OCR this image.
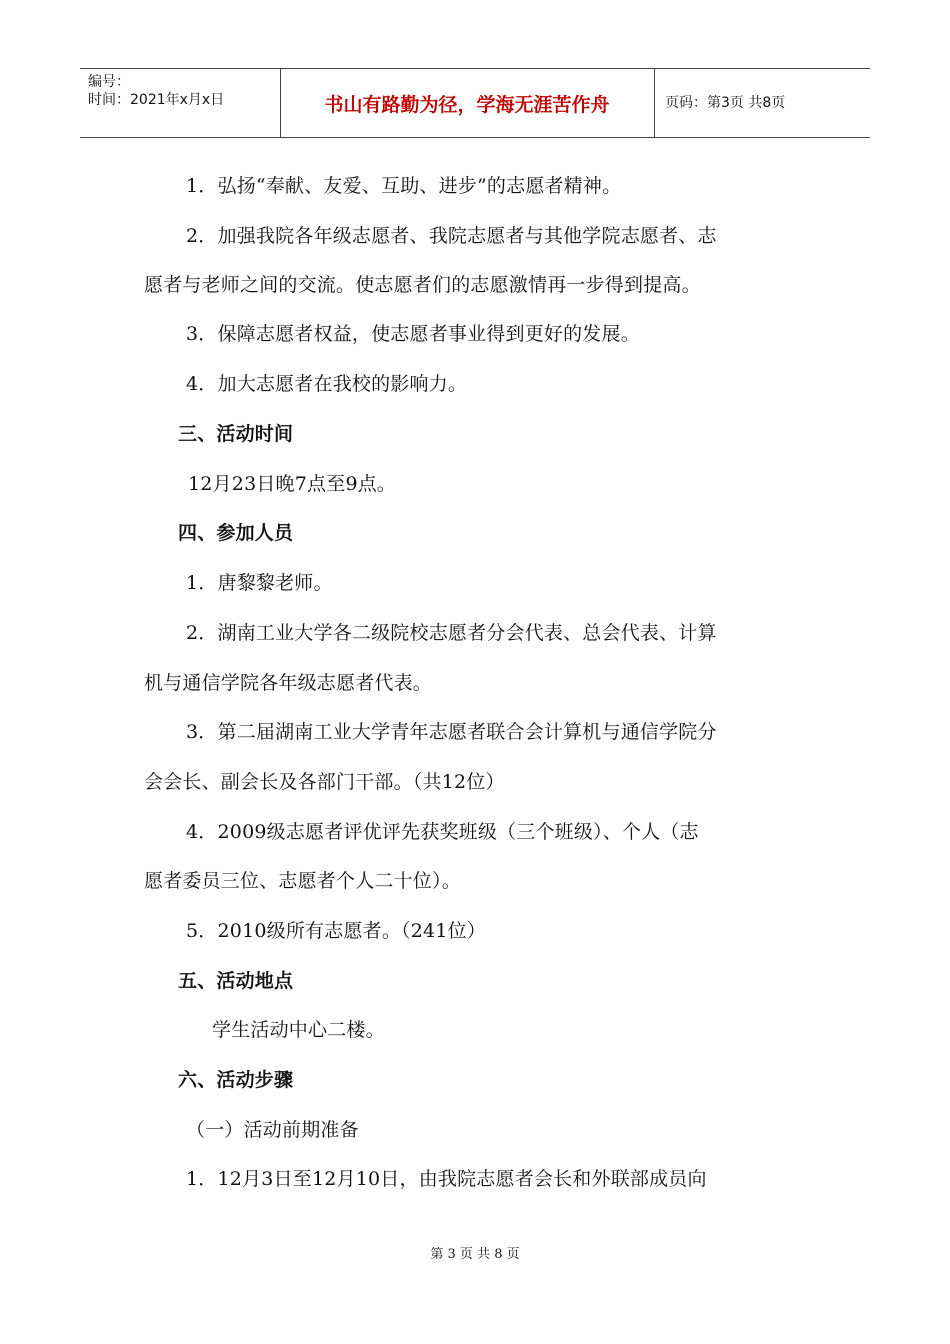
编号：
时间：2021年x月x日	书山有路勤为径，学海无涯苦作舟	页码：第3页 共8页
1．弘扬“奉献、友爱、互助、进步”的志愿者精神。
2．加强我院各年级志愿者、我院志愿者与其他学院志愿者、志
愿者与老师之间的交流。使志愿者们的志愿激情再一步得到提高。
3．保障志愿者权益，使志愿者事业得到更好的发展。
4．加大志愿者在我校的影响力。
三、活动时间
12月23日晚7点至9点。
四、参加人员
1．唐黎黎老师。
2．湖南工业大学各二级院校志愿者分会代表、总会代表、计算
机与通信学院各年级志愿者代表。
3．第二届湖南工业大学青年志愿者联合会计算机与通信学院分
会会长、副会长及各部门干部。（共12位）
4．2009级志愿者评优评先获奖班级（三个班级）、个人（志
愿者委员三位、志愿者个人二十位）。
5．2010级所有志愿者。（241位）
五、活动地点
学生活动中心二楼。
六、活动步骤
（一）活动前期准备
1．12月3日至12月10日，由我院志愿者会长和外联部成员向
第 3 页 共 8 页
